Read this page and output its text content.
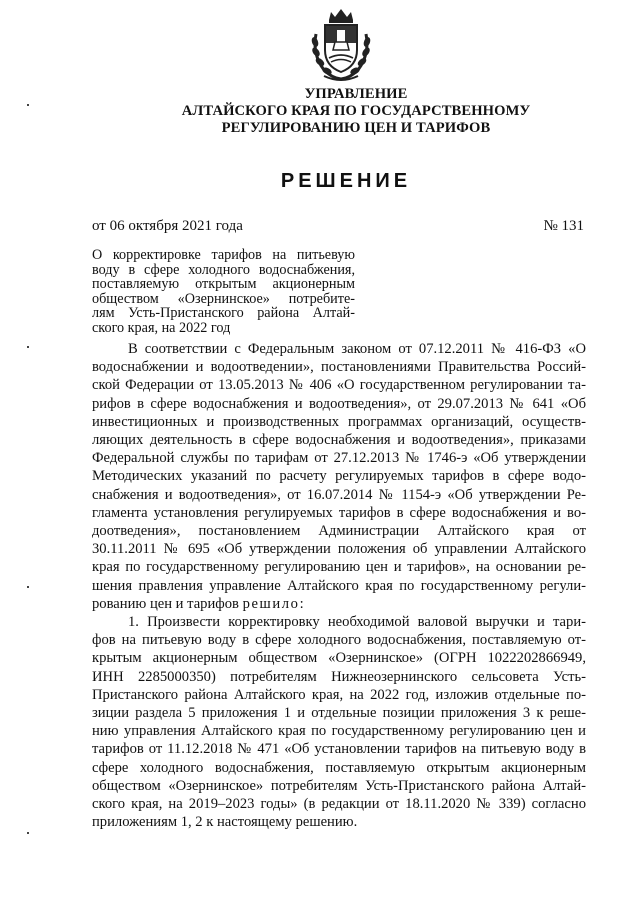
УПРАВЛЕНИЕ
АЛТАЙСКОГО КРАЯ ПО ГОСУДАРСТВЕННОМУ
РЕГУЛИРОВАНИЮ ЦЕН И ТАРИФОВ
РЕШЕНИЕ
от 06 октября 2021 года	№ 131
О корректировке тарифов на питьевую
воду в сфере холодного водоснабжения,
поставляемую открытым акционерным
обществом «Озернинское» потребите-
лям Усть-Пристанского района Алтай-
ского края, на 2022 год
В соответствии с Федеральным законом от 07.12.2011 № 416-ФЗ «О
водоснабжении и водоотведении», постановлениями Правительства Россий-
ской Федерации от 13.05.2013 № 406 «О государственном регулировании та-
рифов в сфере водоснабжения и водоотведения», от 29.07.2013 № 641 «Об
инвестиционных и производственных программах организаций, осуществ-
ляющих деятельность в сфере водоснабжения и водоотведения», приказами
Федеральной службы по тарифам от 27.12.2013 № 1746-э «Об утверждении
Методических указаний по расчету регулируемых тарифов в сфере водо-
снабжения и водоотведения», от 16.07.2014 № 1154-э «Об утверждении Ре-
гламента установления регулируемых тарифов в сфере водоснабжения и во-
доотведения», постановлением Администрации Алтайского края от
30.11.2011 № 695 «Об утверждении положения об управлении Алтайского
края по государственному регулированию цен и тарифов», на основании ре-
шения правления управление Алтайского края по государственному регули-
рованию цен и тарифов решило:
1. Произвести корректировку необходимой валовой выручки и тари-
фов на питьевую воду в сфере холодного водоснабжения, поставляемую от-
крытым акционерным обществом «Озернинское» (ОГРН 1022202866949,
ИНН 2285000350) потребителям Нижнеозернинского сельсовета Усть-
Пристанского района Алтайского края, на 2022 год, изложив отдельные по-
зиции раздела 5 приложения 1 и отдельные позиции приложения 3 к реше-
нию управления Алтайского края по государственному регулированию цен и
тарифов от 11.12.2018 № 471 «Об установлении тарифов на питьевую воду в
сфере холодного водоснабжения, поставляемую открытым акционерным
обществом «Озернинское» потребителям Усть-Пристанского района Алтай-
ского края, на 2019–2023 годы» (в редакции от 18.11.2020 № 339) согласно
приложениям 1, 2 к настоящему решению.
